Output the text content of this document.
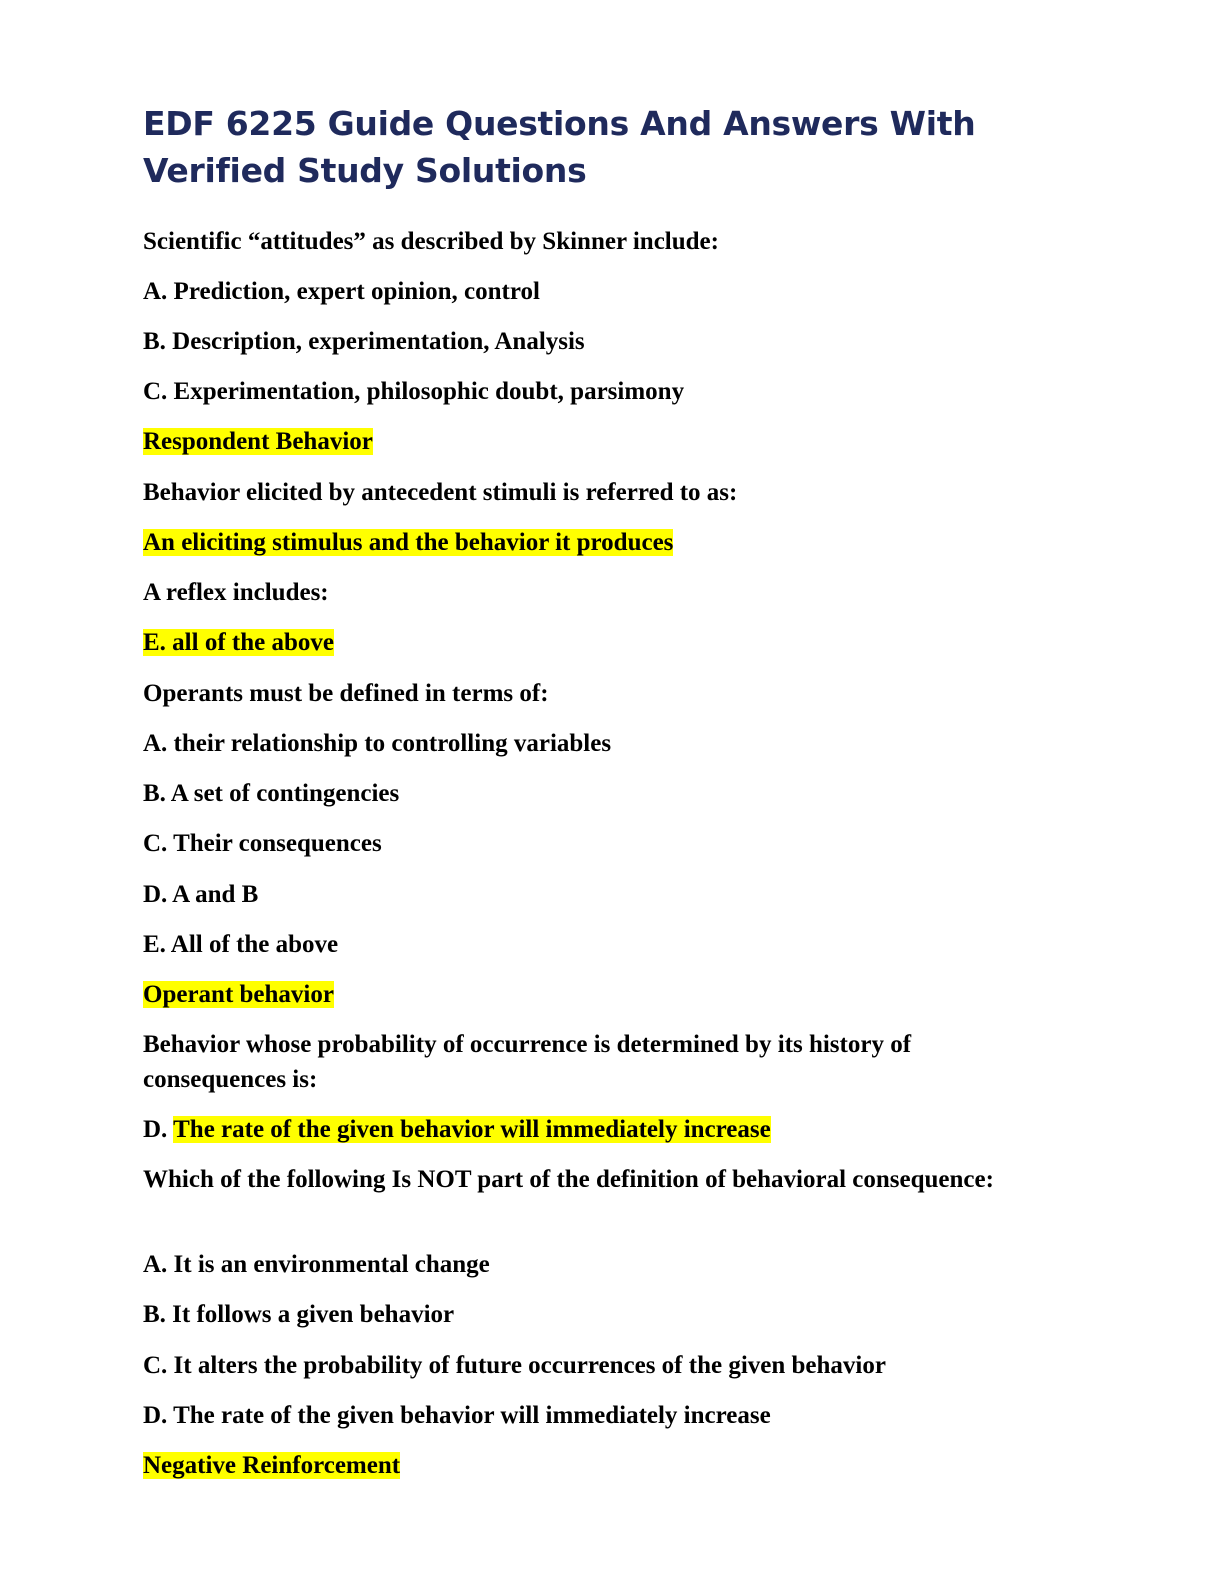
EDF 6225 Guide Questions And Answers With Verified Study Solutions

Scientific “attitudes” as described by Skinner include:

A. Prediction, expert opinion, control

B. Description, experimentation, Analysis

C. Experimentation, philosophic doubt, parsimony

Respondent Behavior

Behavior elicited by antecedent stimuli is referred to as:

An eliciting stimulus and the behavior it produces

A reflex includes:

E. all of the above

Operants must be defined in terms of:

A. their relationship to controlling variables

B. A set of contingencies

C. Their consequences

D. A and B

E. All of the above

Operant behavior

Behavior whose probability of occurrence is determined by its history of consequences is:

D. The rate of the given behavior will immediately increase

Which of the following Is NOT part of the definition of behavioral consequence:

A. It is an environmental change

B. It follows a given behavior

C. It alters the probability of future occurrences of the given behavior

D. The rate of the given behavior will immediately increase

Negative Reinforcement
